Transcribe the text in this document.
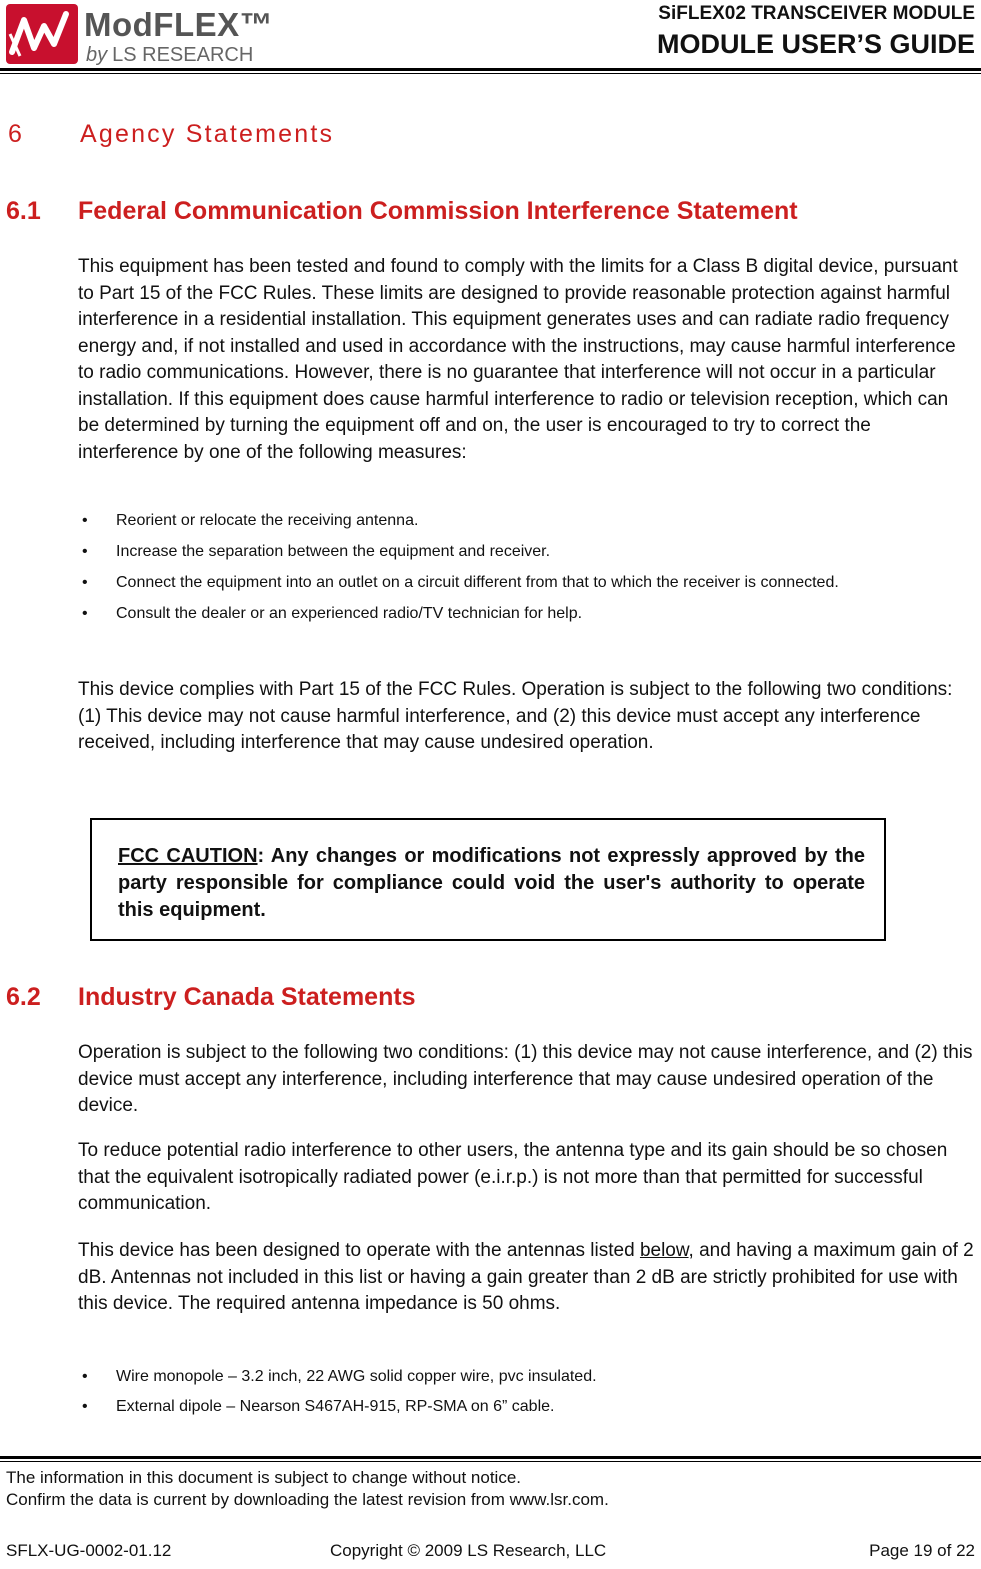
ModFLEX™
by LS RESEARCH
SiFLEX02 TRANSCEIVER MODULE
MODULE USER’S GUIDE
6 Agency Statements
6.1 Federal Communication Commission Interference Statement

This equipment has been tested and found to comply with the limits for a Class B digital device, pursuant to Part 15 of the FCC Rules. These limits are designed to provide reasonable protection against harmful interference in a residential installation. This equipment generates uses and can radiate radio frequency energy and, if not installed and used in accordance with the instructions, may cause harmful interference to radio communications. However, there is no guarantee that interference will not occur in a particular installation. If this equipment does cause harmful interference to radio or television reception, which can be determined by turning the equipment off and on, the user is encouraged to try to correct the interference by one of the following measures:

• Reorient or relocate the receiving antenna.
• Increase the separation between the equipment and receiver.
• Connect the equipment into an outlet on a circuit different from that to which the receiver is connected.
• Consult the dealer or an experienced radio/TV technician for help.

This device complies with Part 15 of the FCC Rules. Operation is subject to the following two conditions: (1) This device may not cause harmful interference, and (2) this device must accept any interference received, including interference that may cause undesired operation.

FCC CAUTION: Any changes or modifications not expressly approved by the party responsible for compliance could void the user's authority to operate this equipment.

6.2 Industry Canada Statements

Operation is subject to the following two conditions: (1) this device may not cause interference, and (2) this device must accept any interference, including interference that may cause undesired operation of the device.

To reduce potential radio interference to other users, the antenna type and its gain should be so chosen that the equivalent isotropically radiated power (e.i.r.p.) is not more than that permitted for successful communication.

This device has been designed to operate with the antennas listed below, and having a maximum gain of 2 dB. Antennas not included in this list or having a gain greater than 2 dB are strictly prohibited for use with this device. The required antenna impedance is 50 ohms.

• Wire monopole – 3.2 inch, 22 AWG solid copper wire, pvc insulated.
• External dipole – Nearson S467AH-915, RP-SMA on 6” cable.
The information in this document is subject to change without notice.
Confirm the data is current by downloading the latest revision from www.lsr.com.
SFLX-UG-0002-01.12	Copyright © 2009 LS Research, LLC	Page 19 of 22
